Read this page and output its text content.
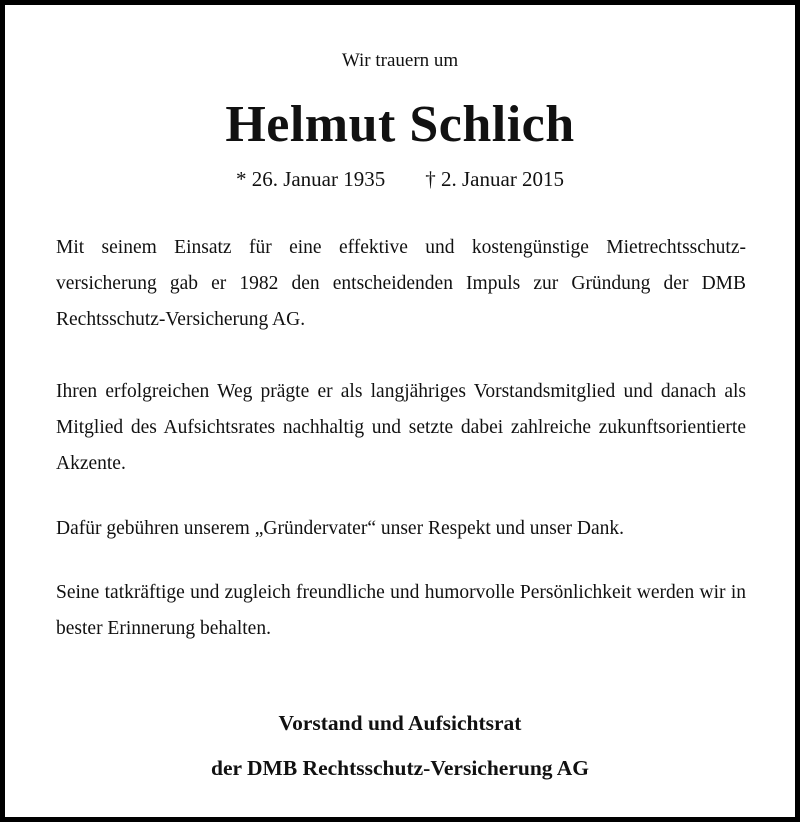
Wir trauern um
Helmut Schlich
* 26. Januar 1935 † 2. Januar 2015

Mit seinem Einsatz für eine effektive und kostengünstige Mietrechtsschutz-versicherung gab er 1982 den entscheidenden Impuls zur Gründung der DMB Rechtsschutz-Versicherung AG.

Ihren erfolgreichen Weg prägte er als langjähriges Vorstandsmitglied und danach als Mitglied des Aufsichtsrates nachhaltig und setzte dabei zahlreiche zukunftsorientierte Akzente.

Dafür gebühren unserem „Gründervater“ unser Respekt und unser Dank.

Seine tatkräftige und zugleich freundliche und humorvolle Persönlichkeit werden wir in bester Erinnerung behalten.

Vorstand und Aufsichtsrat
der DMB Rechtsschutz-Versicherung AG
